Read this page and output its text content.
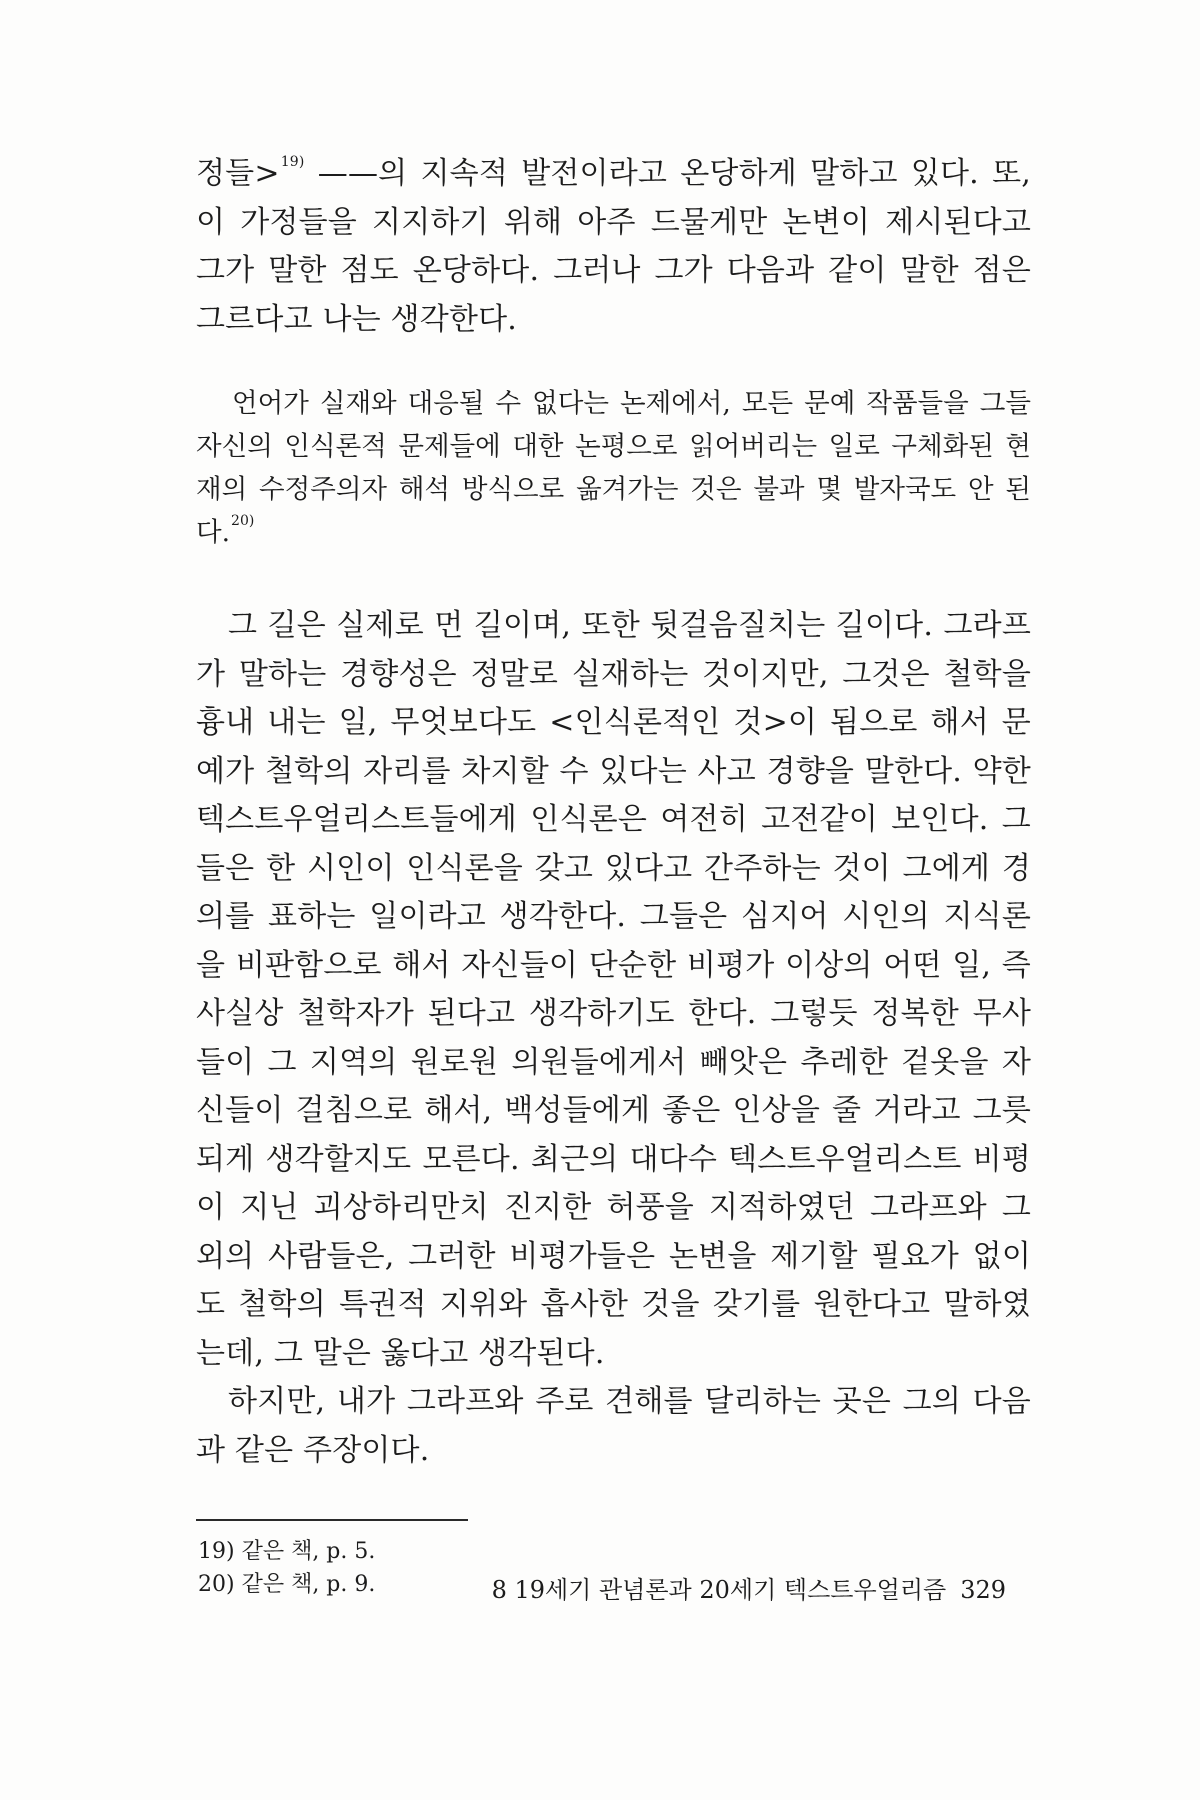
정들>$^{19)}$ ——의 지속적 발전이라고 온당하게 말하고 있다. 또, 이 가정들을 지지하기 위해 아주 드물게만 논변이 제시된다고 그가 말한 점도 온당하다. 그러나 그가 다음과 같이 말한 점은 그르다고 나는 생각한다.

언어가 실재와 대응될 수 없다는 논제에서, 모든 문예 작품들을 그들 자신의 인식론적 문제들에 대한 논평으로 읽어버리는 일로 구체화된 현재의 수정주의자 해석 방식으로 옮겨가는 것은 불과 몇 발자국도 안 된다.$^{20)}$

그 길은 실제로 먼 길이며, 또한 뒷걸음질치는 길이다. 그라프가 말하는 경향성은 정말로 실재하는 것이지만, 그것은 철학을 흉내 내는 일, 무엇보다도 <인식론적인 것>이 됨으로 해서 문예가 철학의 자리를 차지할 수 있다는 사고 경향을 말한다. 약한 텍스트우얼리스트들에게 인식론은 여전히 고전같이 보인다. 그들은 한 시인이 인식론을 갖고 있다고 간주하는 것이 그에게 경의를 표하는 일이라고 생각한다. 그들은 심지어 시인의 지식론을 비판함으로 해서 자신들이 단순한 비평가 이상의 어떤 일, 즉 사실상 철학자가 된다고 생각하기도 한다. 그렇듯 정복한 무사들이 그 지역의 원로원 의원들에게서 빼앗은 추레한 겉옷을 자신들이 걸침으로 해서, 백성들에게 좋은 인상을 줄 거라고 그릇되게 생각할지도 모른다. 최근의 대다수 텍스트우얼리스트 비평이 지닌 괴상하리만치 진지한 허풍을 지적하였던 그라프와 그 외의 사람들은, 그러한 비평가들은 논변을 제기할 필요가 없이도 철학의 특권적 지위와 흡사한 것을 갖기를 원한다고 말하였는데, 그 말은 옳다고 생각된다.

하지만, 내가 그라프와 주로 견해를 달리하는 곳은 그의 다음과 같은 주장이다.

19) 같은 책, p. 5.

20) 같은 책, p. 9.	8 19세기 관념론과 20세기 텍스트우얼리즘 329
